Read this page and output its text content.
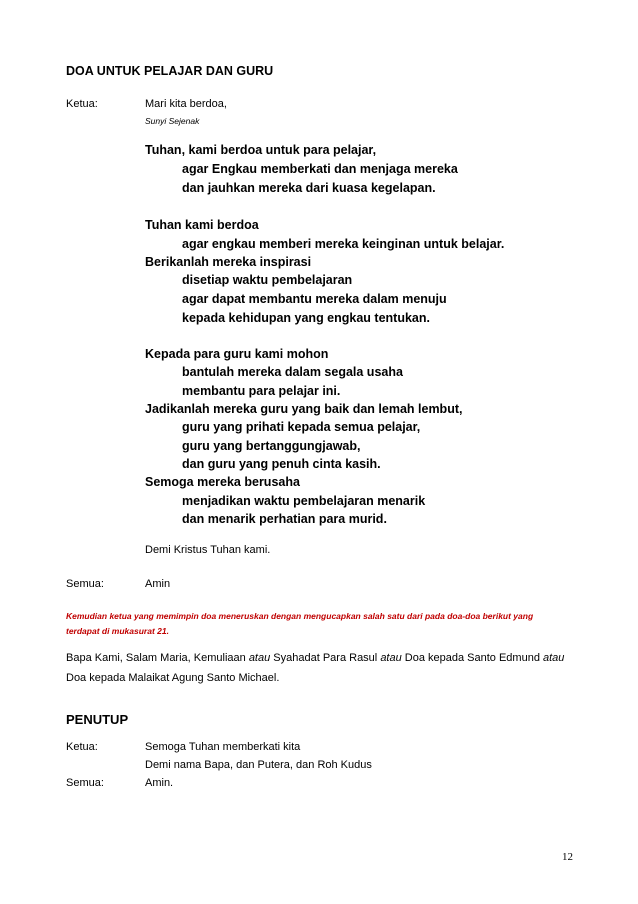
DOA UNTUK PELAJAR DAN GURU
Ketua:	Mari kita berdoa,
Sunyi Sejenak
Tuhan, kami berdoa untuk para pelajar,
agar Engkau memberkati dan menjaga mereka
dan jauhkan mereka dari kuasa kegelapan.
Tuhan kami berdoa
agar engkau memberi mereka keinginan untuk belajar.
Berikanlah mereka inspirasi
disetiap waktu pembelajaran
agar dapat membantu mereka dalam menuju
kepada kehidupan yang engkau tentukan.
Kepada para guru kami mohon
bantulah mereka dalam segala usaha
membantu para pelajar ini.
Jadikanlah mereka guru yang baik dan lemah lembut,
guru yang prihati kepada semua pelajar,
guru yang bertanggungjawab,
dan guru yang penuh cinta kasih.
Semoga mereka berusaha
menjadikan waktu pembelajaran menarik
dan menarik perhatian para murid.
Demi Kristus Tuhan kami.
Semua:	Amin
Kemudian ketua yang memimpin doa meneruskan dengan mengucapkan salah satu dari pada doa-doa berikut yang terdapat di mukasurat 21.
Bapa Kami, Salam Maria, Kemuliaan atau Syahadat Para Rasul atau Doa kepada Santo Edmund atau Doa kepada Malaikat Agung Santo Michael.
PENUTUP
Ketua:	Semoga Tuhan memberkati kita
Demi nama Bapa, dan Putera, dan Roh Kudus
Semua:	Amin.
12
